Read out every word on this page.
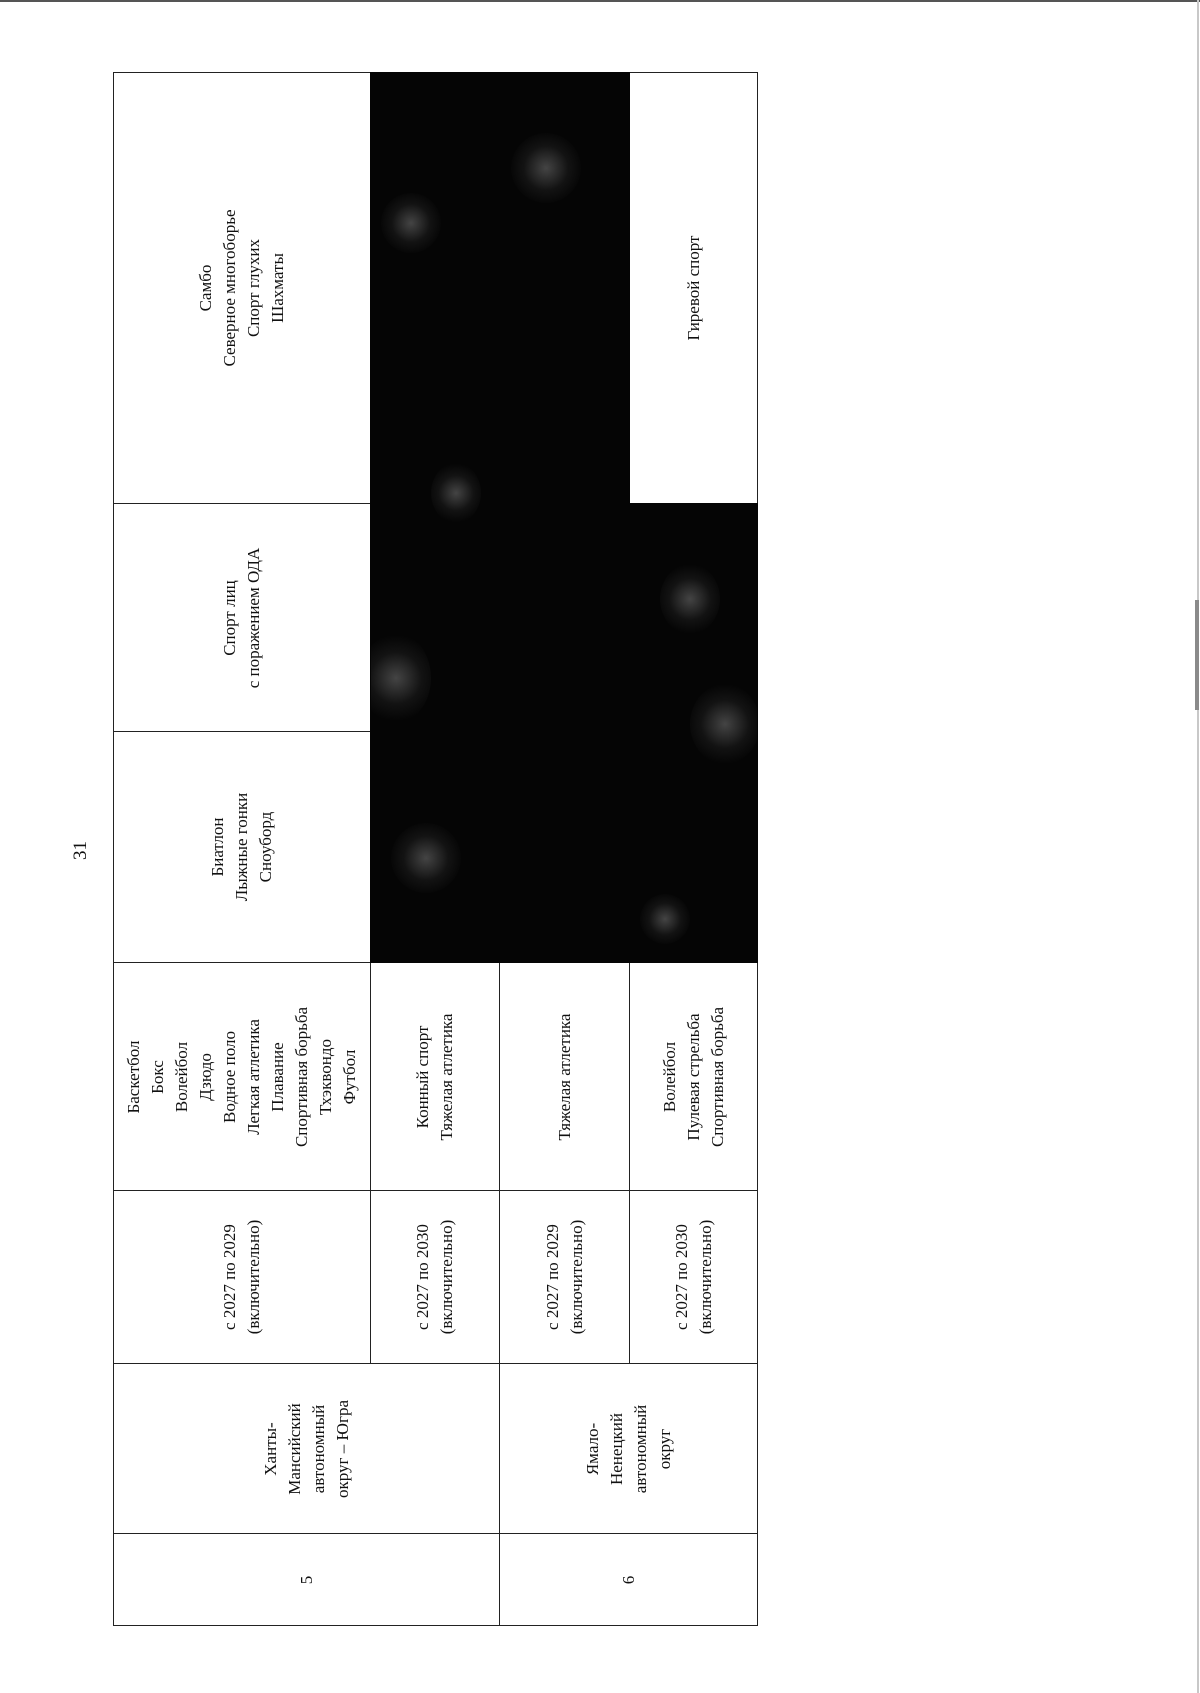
31
5
Ханты- Мансийский автономный округ – Югра
с 2027 по 2029 (включительно)
Баскетбол Бокс Волейбол Дзюдо Водное поло Легкая атлетика Плавание Спортивная борьба Тхэквондо Футбол
Биатлон Лыжные гонки Сноуборд
Спорт лиц с поражением ОДА
Самбо Северное многоборье Спорт глухих Шахматы
с 2027 по 2030 (включительно)
Конный спорт Тяжелая атлетика
6
Ямало- Ненецкий автономный округ
с 2027 по 2029 (включительно)
Тяжелая атлетика
с 2027 по 2030 (включительно)
Волейбол Пулевая стрельба Спортивная борьба
Гиревой спорт
